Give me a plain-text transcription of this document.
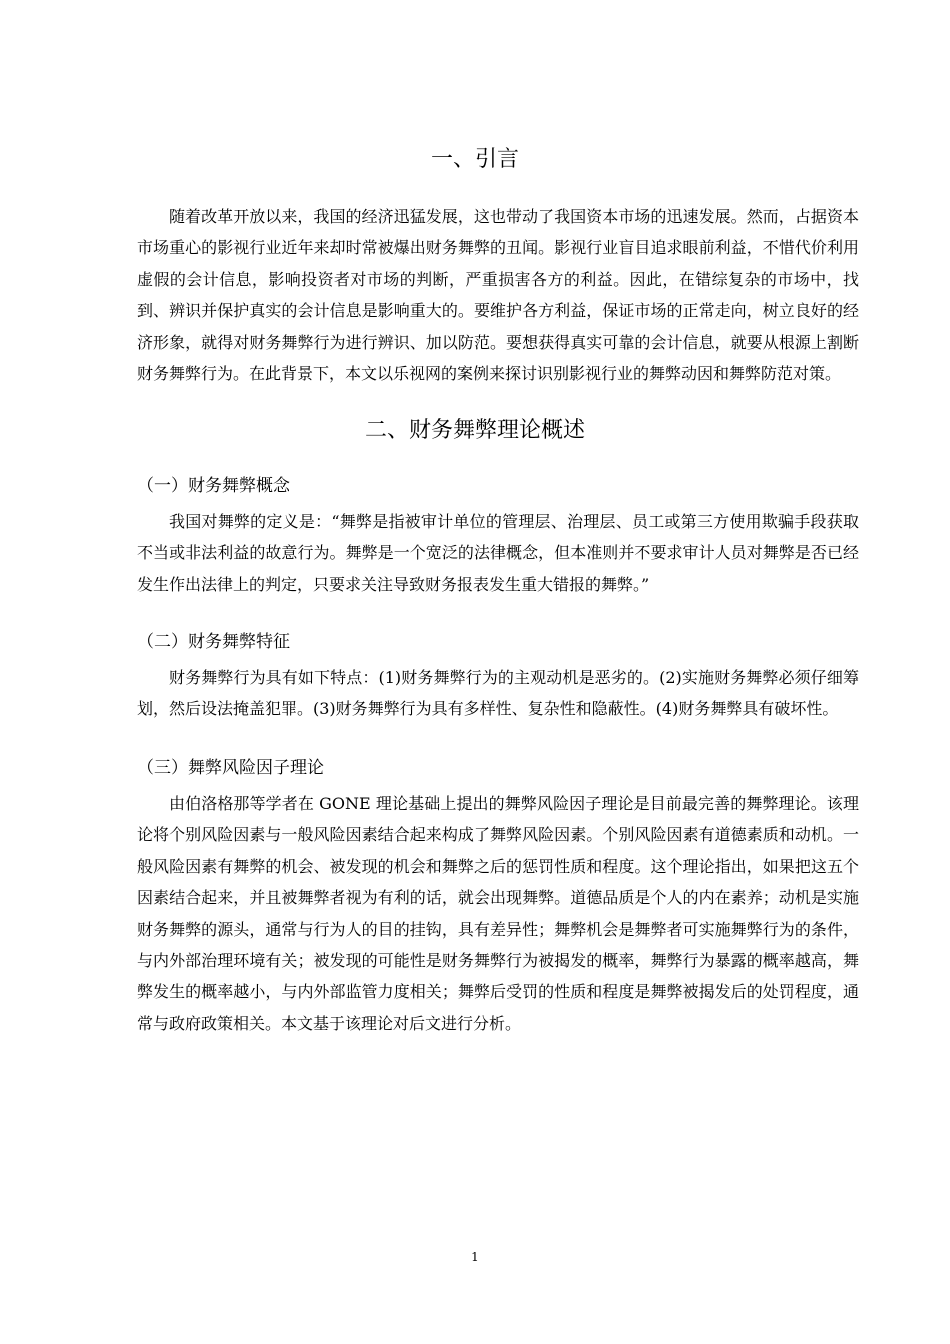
一、引言

随着改革开放以来，我国的经济迅猛发展，这也带动了我国资本市场的迅速发展。然而，占据资本市场重心的影视行业近年来却时常被爆出财务舞弊的丑闻。影视行业盲目追求眼前利益，不惜代价利用虚假的会计信息，影响投资者对市场的判断，严重损害各方的利益。因此，在错综复杂的市场中，找到、辨识并保护真实的会计信息是影响重大的。要维护各方利益，保证市场的正常走向，树立良好的经济形象，就得对财务舞弊行为进行辨识、加以防范。要想获得真实可靠的会计信息，就要从根源上割断财务舞弊行为。在此背景下，本文以乐视网的案例来探讨识别影视行业的舞弊动因和舞弊防范对策。

二、财务舞弊理论概述
（一）财务舞弊概念

我国对舞弊的定义是：“舞弊是指被审计单位的管理层、治理层、员工或第三方使用欺骗手段获取不当或非法利益的故意行为。舞弊是一个宽泛的法律概念，但本准则并不要求审计人员对舞弊是否已经发生作出法律上的判定，只要求关注导致财务报表发生重大错报的舞弊。”

（二）财务舞弊特征

财务舞弊行为具有如下特点：(1)财务舞弊行为的主观动机是恶劣的。(2)实施财务舞弊必须仔细筹划，然后设法掩盖犯罪。(3)财务舞弊行为具有多样性、复杂性和隐蔽性。(4)财务舞弊具有破坏性。

（三）舞弊风险因子理论

由伯洛格那等学者在 GONE 理论基础上提出的舞弊风险因子理论是目前最完善的舞弊理论。该理论将个别风险因素与一般风险因素结合起来构成了舞弊风险因素。个别风险因素有道德素质和动机。一般风险因素有舞弊的机会、被发现的机会和舞弊之后的惩罚性质和程度。这个理论指出，如果把这五个因素结合起来，并且被舞弊者视为有利的话，就会出现舞弊。道德品质是个人的内在素养；动机是实施财务舞弊的源头，通常与行为人的目的挂钩，具有差异性；舞弊机会是舞弊者可实施舞弊行为的条件，与内外部治理环境有关；被发现的可能性是财务舞弊行为被揭发的概率，舞弊行为暴露的概率越高，舞弊发生的概率越小，与内外部监管力度相关；舞弊后受罚的性质和程度是舞弊被揭发后的处罚程度，通常与政府政策相关。本文基于该理论对后文进行分析。

1
